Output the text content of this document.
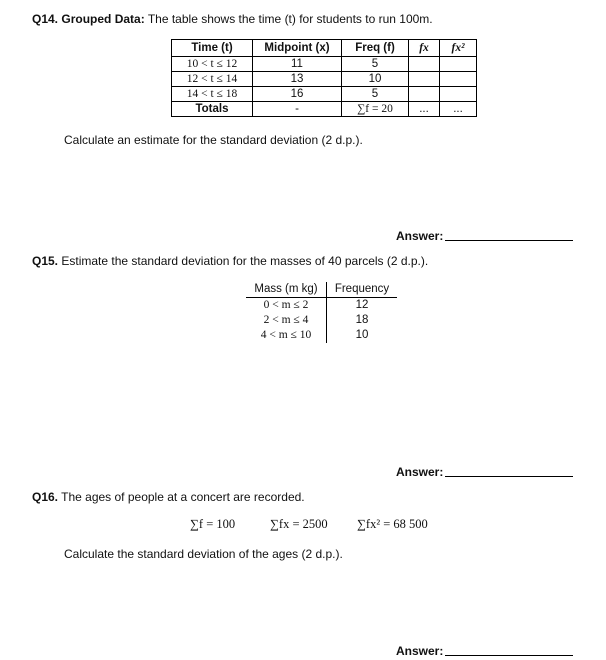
Q14. Grouped Data: The table shows the time (t) for students to run 100m.
Time (t)	Midpoint (x)	Freq (f)	fx	fx²
10 < t ≤ 12	11	5		
12 < t ≤ 14	13	10		
14 < t ≤ 18	16	5		
Totals	-	∑f = 20	...	...
Calculate an estimate for the standard deviation (2 d.p.).
Answer:
Q15. Estimate the standard deviation for the masses of 40 parcels (2 d.p.).
Mass (m kg)	Frequency
0 < m ≤ 2	12
2 < m ≤ 4	18
4 < m ≤ 10	10
Answer:
Q16. The ages of people at a concert are recorded.
∑f = 100	∑fx = 2500 ∑fx² = 68 500
Calculate the standard deviation of the ages (2 d.p.).
Answer:
